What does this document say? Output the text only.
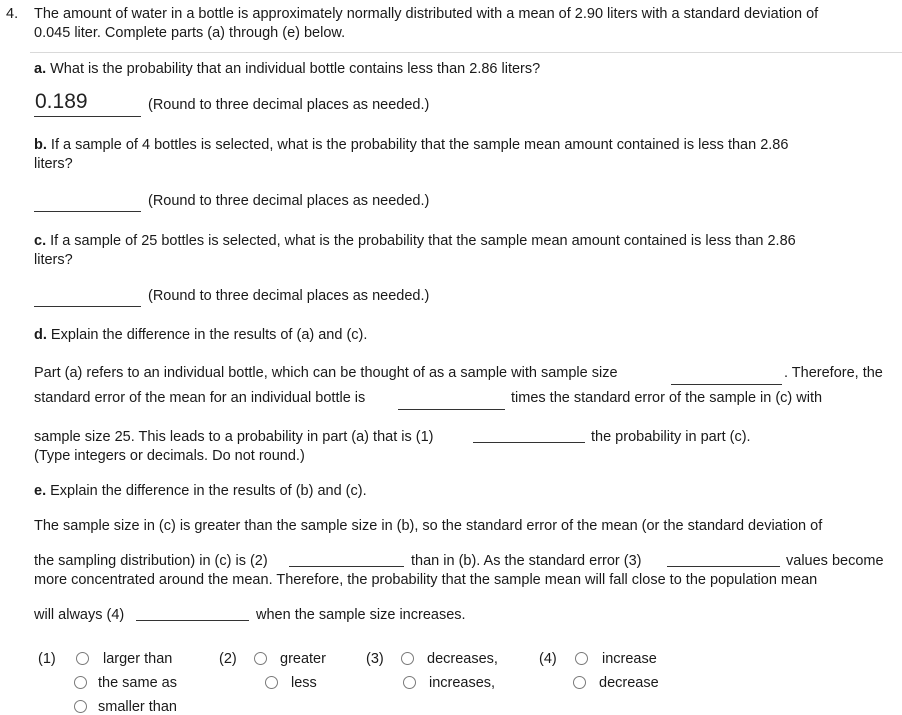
4. The amount of water in a bottle is approximately normally distributed with a mean of 2.90 liters with a standard deviation of
0.045 liter. Complete parts (a) through (e) below.
a. What is the probability that an individual bottle contains less than 2.86 liters?
0.189	(Round to three decimal places as needed.)
b. If a sample of 4 bottles is selected, what is the probability that the sample mean amount contained is less than 2.86
liters?
(Round to three decimal places as needed.)
c. If a sample of 25 bottles is selected, what is the probability that the sample mean amount contained is less than 2.86
liters?
(Round to three decimal places as needed.)
d. Explain the difference in the results of (a) and (c).
Part (a) refers to an individual bottle, which can be thought of as a sample with sample size	. Therefore, the
standard error of the mean for an individual bottle is	times the standard error of the sample in (c) with
sample size 25. This leads to a probability in part (a) that is (1)	the probability in part (c).
(Type integers or decimals. Do not round.)
e. Explain the difference in the results of (b) and (c).
The sample size in (c) is greater than the sample size in (b), so the standard error of the mean (or the standard deviation of
the sampling distribution) in (c) is (2)	than in (b). As the standard error (3)	values become
more concentrated around the mean. Therefore, the probability that the sample mean will fall close to the population mean
will always (4)	when the sample size increases.
(1)	larger than
the same as
smaller than
(2)	greater
less
(3)	decreases,
increases,
(4)	increase
decrease
